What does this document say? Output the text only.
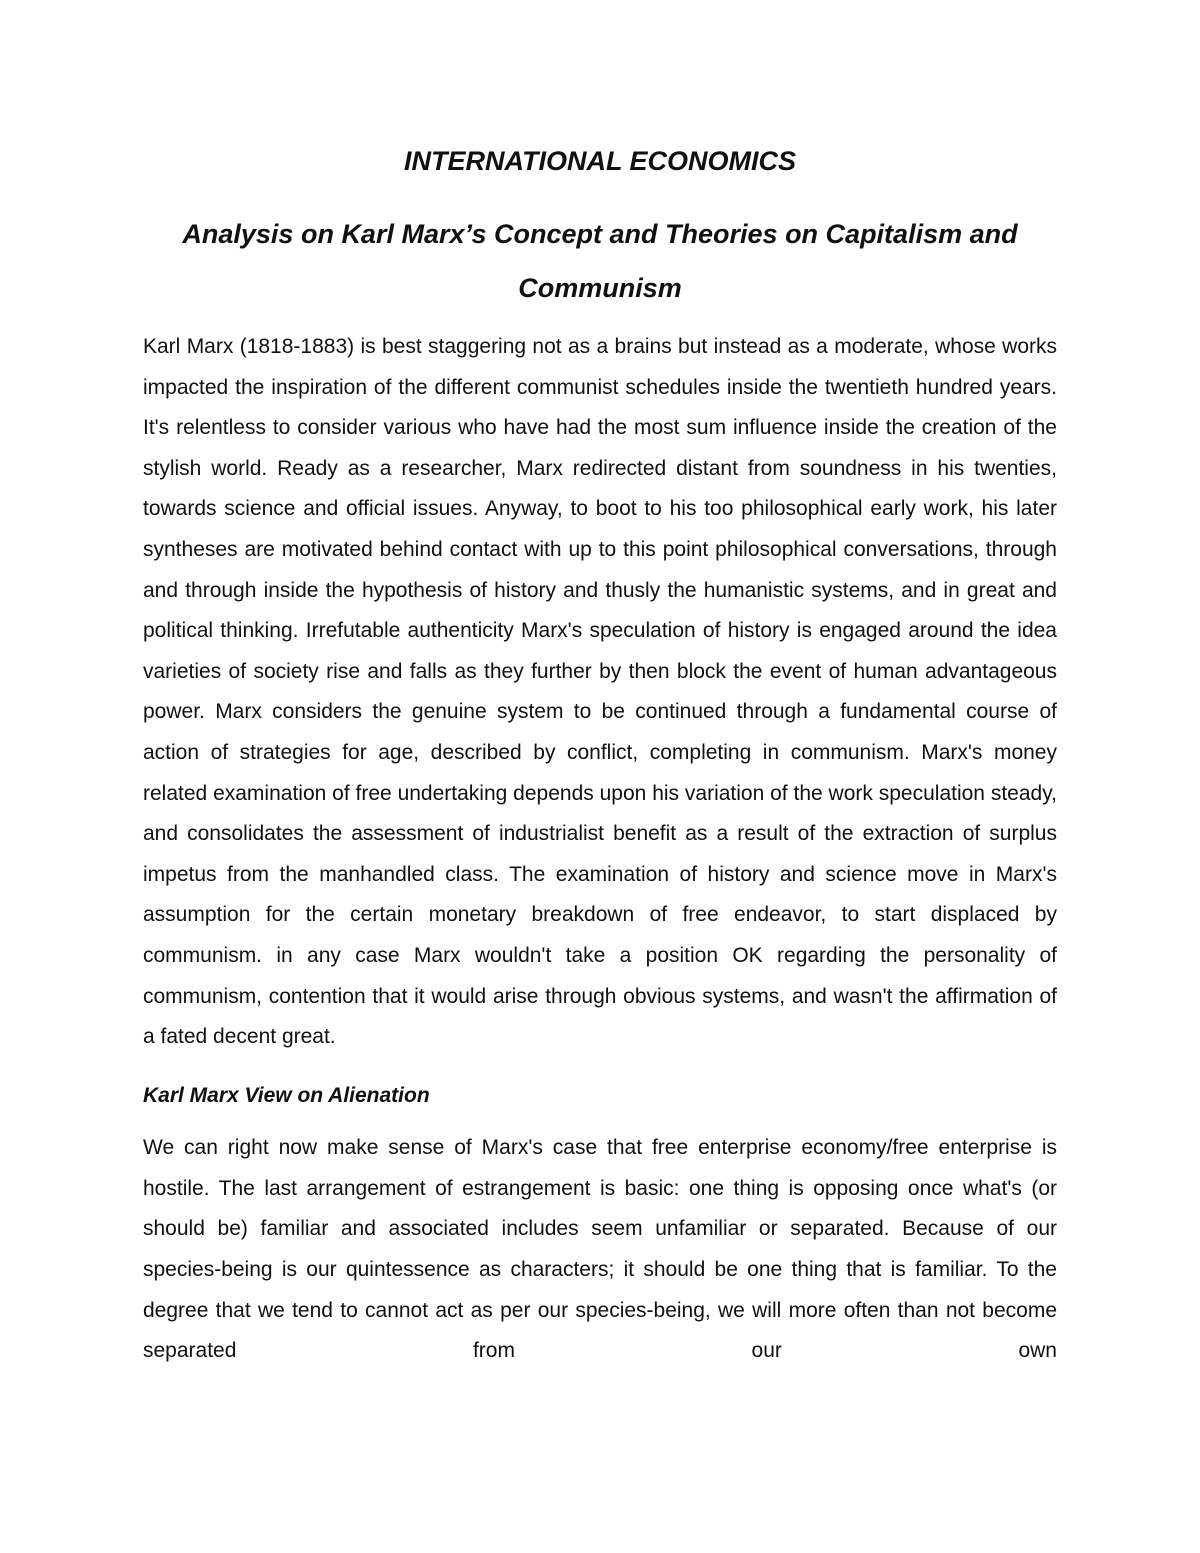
INTERNATIONAL ECONOMICS
Analysis on Karl Marx’s Concept and Theories on Capitalism and Communism

Karl Marx (1818-1883) is best staggering not as a brains but instead as a moderate, whose works impacted the inspiration of the different communist schedules inside the twentieth hundred years. It's relentless to consider various who have had the most sum influence inside the creation of the stylish world. Ready as a researcher, Marx redirected distant from soundness in his twenties, towards science and official issues. Anyway, to boot to his too philosophical early work, his later syntheses are motivated behind contact with up to this point philosophical conversations, through and through inside the hypothesis of history and thusly the humanistic systems, and in great and political thinking. Irrefutable authenticity Marx's speculation of history is engaged around the idea varieties of society rise and falls as they further by then block the event of human advantageous power. Marx considers the genuine system to be continued through a fundamental course of action of strategies for age, described by conflict, completing in communism. Marx's money related examination of free undertaking depends upon his variation of the work speculation steady, and consolidates the assessment of industrialist benefit as a result of the extraction of surplus impetus from the manhandled class. The examination of history and science move in Marx's assumption for the certain monetary breakdown of free endeavor, to start displaced by communism. in any case Marx wouldn't take a position OK regarding the personality of communism, contention that it would arise through obvious systems, and wasn't the affirmation of a fated decent great.

Karl Marx View on Alienation

We can right now make sense of Marx's case that free enterprise economy/free enterprise is hostile. The last arrangement of estrangement is basic: one thing is opposing once what's (or should be) familiar and associated includes seem unfamiliar or separated. Because of our species-being is our quintessence as characters; it should be one thing that is familiar. To the degree that we tend to cannot act as per our species-being, we will more often than not become separated from our own
